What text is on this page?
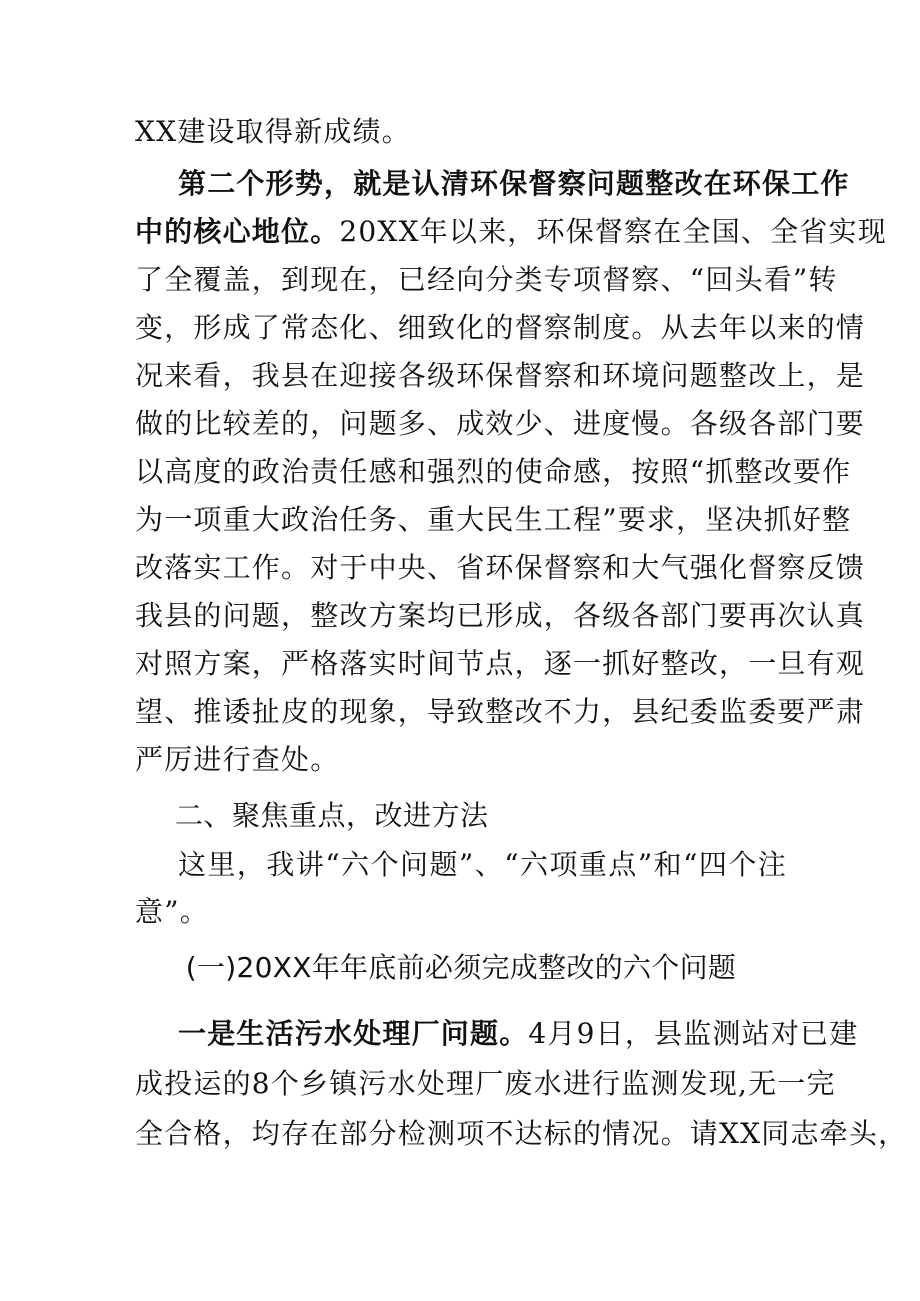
XX建设取得新成绩。
第二个形势，就是认清环保督察问题整改在环保工作
中的核心地位。20XX年以来，环保督察在全国、全省实现
了全覆盖，到现在，已经向分类专项督察、“回头看”转
变，形成了常态化、细致化的督察制度。从去年以来的情
况来看，我县在迎接各级环保督察和环境问题整改上，是
做的比较差的，问题多、成效少、进度慢。各级各部门要
以高度的政治责任感和强烈的使命感，按照“抓整改要作
为一项重大政治任务、重大民生工程”要求，坚决抓好整
改落实工作。对于中央、省环保督察和大气强化督察反馈
我县的问题，整改方案均已形成，各级各部门要再次认真
对照方案，严格落实时间节点，逐一抓好整改，一旦有观
望、推诿扯皮的现象，导致整改不力，县纪委监委要严肃
严厉进行查处。
二、聚焦重点，改进方法
这里，我讲“六个问题”、“六项重点”和“四个注
意”。
(一)20XX年年底前必须完成整改的六个问题
一是生活污水处理厂问题。4月9日，县监测站对已建
成投运的8个乡镇污水处理厂废水进行监测发现,无一完
全合格，均存在部分检测项不达标的情况。请XX同志牵头，
